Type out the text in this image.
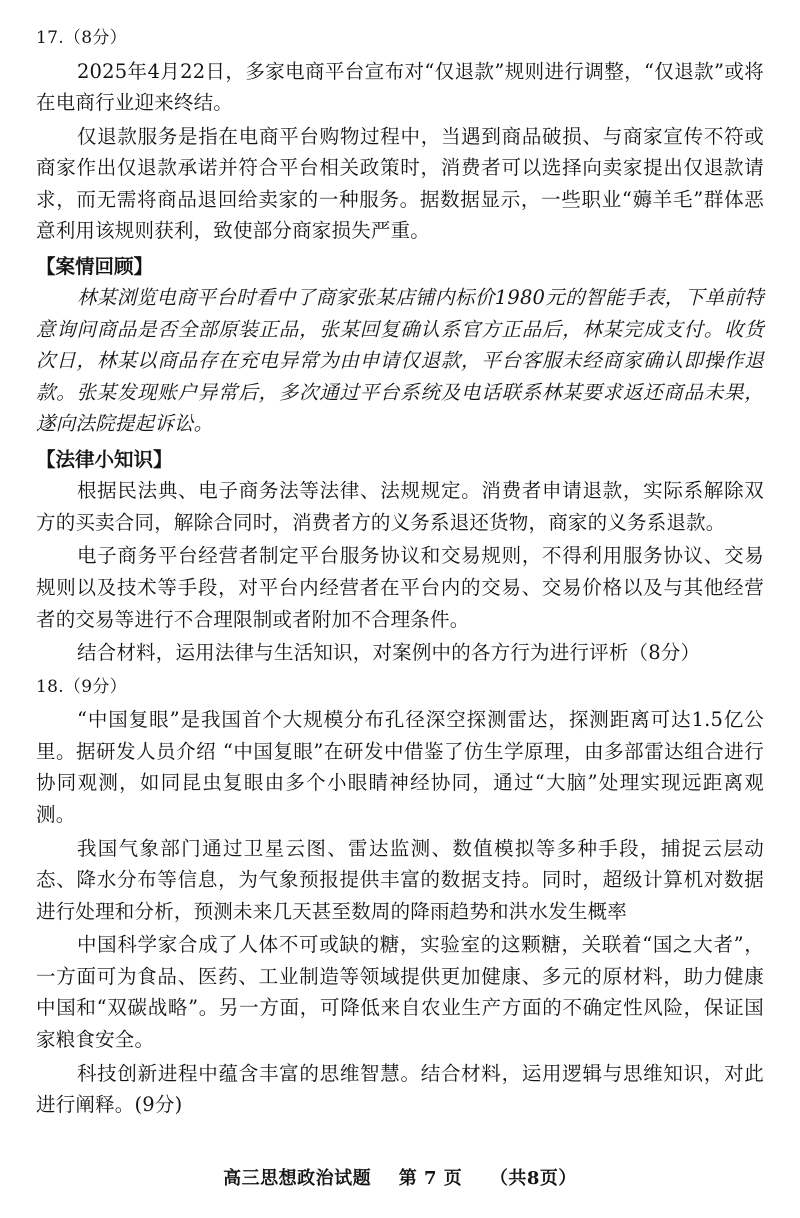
17.（8分）

2025年4月22日，多家电商平台宣布对“仅退款”规则进行调整，“仅退款”或将在电商行业迎来终结。

仅退款服务是指在电商平台购物过程中，当遇到商品破损、与商家宣传不符或商家作出仅退款承诺并符合平台相关政策时，消费者可以选择向卖家提出仅退款请求，而无需将商品退回给卖家的一种服务。据数据显示，一些职业“薅羊毛”群体恶意利用该规则获利，致使部分商家损失严重。

【案情回顾】

林某浏览电商平台时看中了商家张某店铺内标价1980元的智能手表，下单前特意询问商品是否全部原装正品，张某回复确认系官方正品后，林某完成支付。收货次日，林某以商品存在充电异常为由申请仅退款，平台客服未经商家确认即操作退款。张某发现账户异常后，多次通过平台系统及电话联系林某要求返还商品未果，遂向法院提起诉讼。

【法律小知识】

根据民法典、电子商务法等法律、法规规定。消费者申请退款，实际系解除双方的买卖合同，解除合同时，消费者方的义务系退还货物，商家的义务系退款。

电子商务平台经营者制定平台服务协议和交易规则，不得利用服务协议、交易规则以及技术等手段，对平台内经营者在平台内的交易、交易价格以及与其他经营者的交易等进行不合理限制或者附加不合理条件。

结合材料，运用法律与生活知识，对案例中的各方行为进行评析（8分）

18.（9分）

“中国复眼”是我国首个大规模分布孔径深空探测雷达，探测距离可达1.5亿公里。据研发人员介绍 “中国复眼”在研发中借鉴了仿生学原理，由多部雷达组合进行协同观测，如同昆虫复眼由多个小眼睛神经协同，通过“大脑”处理实现远距离观测。

我国气象部门通过卫星云图、雷达监测、数值模拟等多种手段，捕捉云层动态、降水分布等信息，为气象预报提供丰富的数据支持。同时，超级计算机对数据进行处理和分析，预测未来几天甚至数周的降雨趋势和洪水发生概率

中国科学家合成了人体不可或缺的糖，实验室的这颗糖，关联着“国之大者”，一方面可为食品、医药、工业制造等领域提供更加健康、多元的原材料，助力健康中国和“双碳战略”。另一方面，可降低来自农业生产方面的不确定性风险，保证国家粮食安全。

科技创新进程中蕴含丰富的思维智慧。结合材料，运用逻辑与思维知识，对此进行阐释。(9分)

高三思想政治试题 第 7 页 （共8页）
